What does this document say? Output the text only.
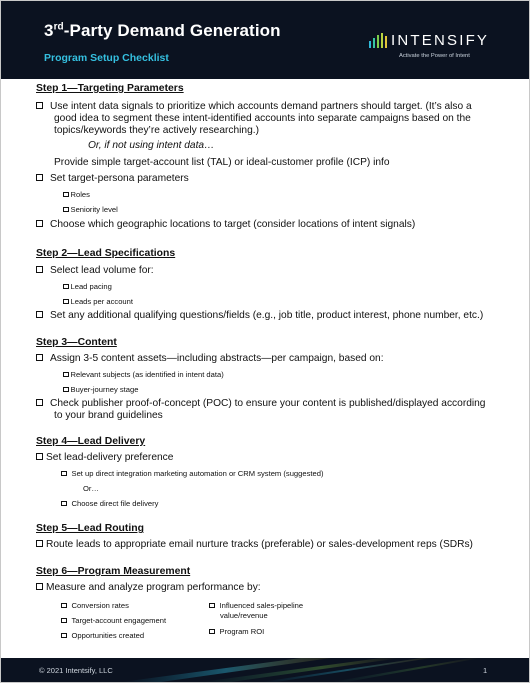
3rd-Party Demand Generation
Program Setup Checklist
INTENSIFY
Activate the Power of Intent
Step 1—Targeting Parameters
Use intent data signals to prioritize which accounts demand partners should target. (It’s also a
good idea to segment these intent-identified accounts into separate campaigns based on the
topics/keywords they’re actively researching.)
Or, if not using intent data…
Provide simple target-account list (TAL) or ideal-customer profile (ICP) info
Set target-persona parameters
Roles
Seniority level
Choose which geographic locations to target (consider locations of intent signals)
Step 2—Lead Specifications
Select lead volume for:
Lead pacing
Leads per account
Set any additional qualifying questions/fields (e.g., job title, product interest, phone number, etc.)
Step 3—Content
Assign 3-5 content assets—including abstracts—per campaign, based on:
Relevant subjects (as identified in intent data)
Buyer-journey stage
Check publisher proof-of-concept (POC) to ensure your content is published/displayed according
to your brand guidelines
Step 4—Lead Delivery
Set lead-delivery preference
Set up direct integration marketing automation or CRM system (suggested)
Or…
Choose direct file delivery
Step 5—Lead Routing
Route leads to appropriate email nurture tracks (preferable) or sales-development reps (SDRs)
Step 6—Program Measurement
Measure and analyze program performance by:
Conversion rates
Target-account engagement
Opportunities created
Influenced sales-pipeline
value/revenue
Program ROI
© 2021 Intentsify, LLC	1
